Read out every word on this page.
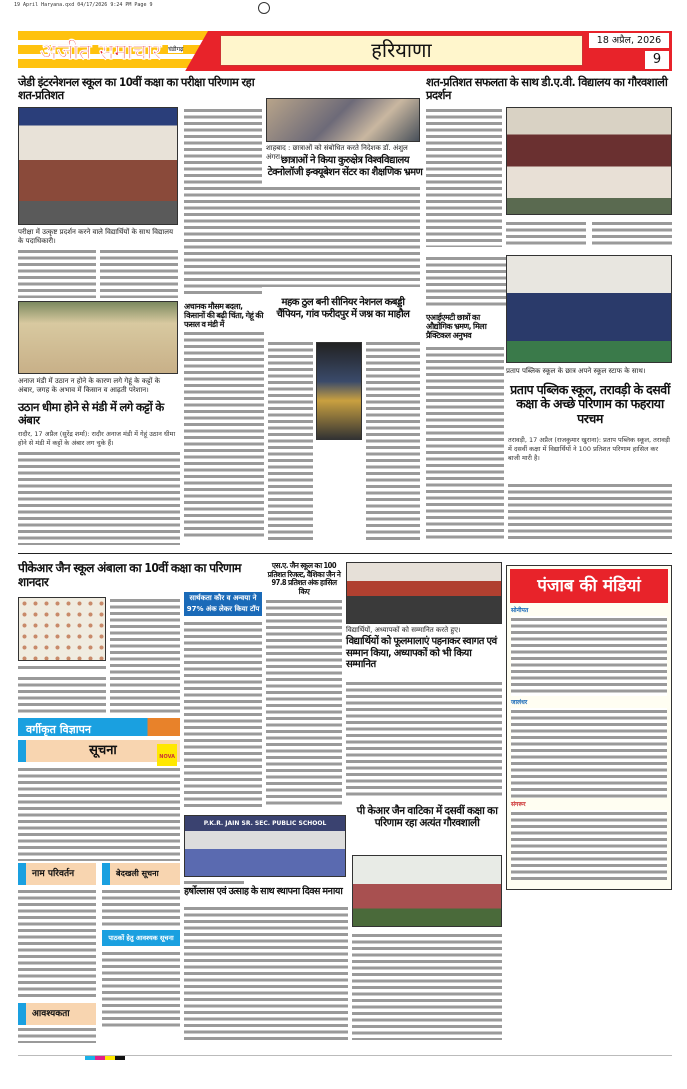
19 April Haryana.qxd 04/17/2026 9:24 PM Page 9
अजीत समाचार चंडीगढ़	हरियाणा	18 अप्रैल, 2026
9
जेडी इंटरनेशनल स्कूल का 10वीं कक्षा का परीक्षा परिणाम रहा शत-प्रतिशत
परीक्षा में उत्कृष्ट प्रदर्शन करने वाले विद्यार्थियों के साथ विद्यालय के पदाधिकारी।
अनाज मंडी में उठान न होने के कारण लगे गेहूं के कट्टों के अंबार, जगह के अभाव में किसान व आढ़ती परेशान।
उठान धीमा होने से मंडी में लगे कट्टों के अंबार
रादौर, 17 अप्रैल (सुरेंद्र शर्मा): रादौर अनाज मंडी में गेहूं उठान धीमा होने से मंडी में कट्टों के अंबार लग चुके हैं।
शाहबाद : छात्राओं को संबोधित करते निदेशक डॉ. अंशुल अंगरा।
छात्राओं ने किया कुरुक्षेत्र विश्वविद्यालय टेक्नोलॉजी इन्क्यूबेशन सेंटर का शैक्षणिक भ्रमण
अचानक मौसम बदला, किसानों की बढ़ी चिंता, गेहूं की फसल व मंडी में
महक ठुल बनी सीनियर नेशनल कबड्डी चैंपियन, गांव फरीदपुर में जश्न का माहौल
शत-प्रतिशत सफलता के साथ डी.ए.वी. विद्यालय का गौरवशाली प्रदर्शन
एआईएमटी छात्रों का औद्योगिक भ्रमण, मिला प्रैक्टिकल अनुभव
प्रताप पब्लिक स्कूल के छात्र अपने स्कूल स्टाफ के साथ।
प्रताप पब्लिक स्कूल, तरावड़ी के दसवीं कक्षा के अच्छे परिणाम का फहराया परचम
तरावड़ी, 17 अप्रैल (राजकुमार खुराना): प्रताप पब्लिक स्कूल, तरावड़ी में दसवीं कक्षा में विद्यार्थियों ने 100 प्रतिशत परिणाम हासिल कर बाजी मारी है।
पीकेआर जैन स्कूल अंबाला का 10वीं कक्षा का परिणाम शानदार
सार्थकता कौर व अन्वया ने 97% अंक लेकर किया टॉप
एस.ए. जैन स्कूल का 100 प्रतिशत रिजल्ट, वैशिका जैन ने 97.8 प्रतिशत अंक हासिल किए
विद्यार्थियों, अध्यापकों को सम्मानित करते हुए।
विद्यार्थियों को फूलमालाएं पहनाकर स्वागत एवं सम्मान किया, अध्यापकों को भी किया सम्मानित
P.K.R. JAIN SR. SEC. PUBLIC SCHOOL
हर्षोल्लास एवं उत्साह के साथ स्थापना दिवस मनाया
पी केआर जैन वाटिका में दसवीं कक्षा का परिणाम रहा अत्यंत गौरवशाली
पंजाब की मंडियां
सोनीपत
जालंधर
संगरूर
वर्गीकृत विज्ञापन
सूचना	NOVA
नाम परिवर्तन	बेदखली सूचना
पाठकों हेतु आवश्यक सूचना
आवश्यकता
